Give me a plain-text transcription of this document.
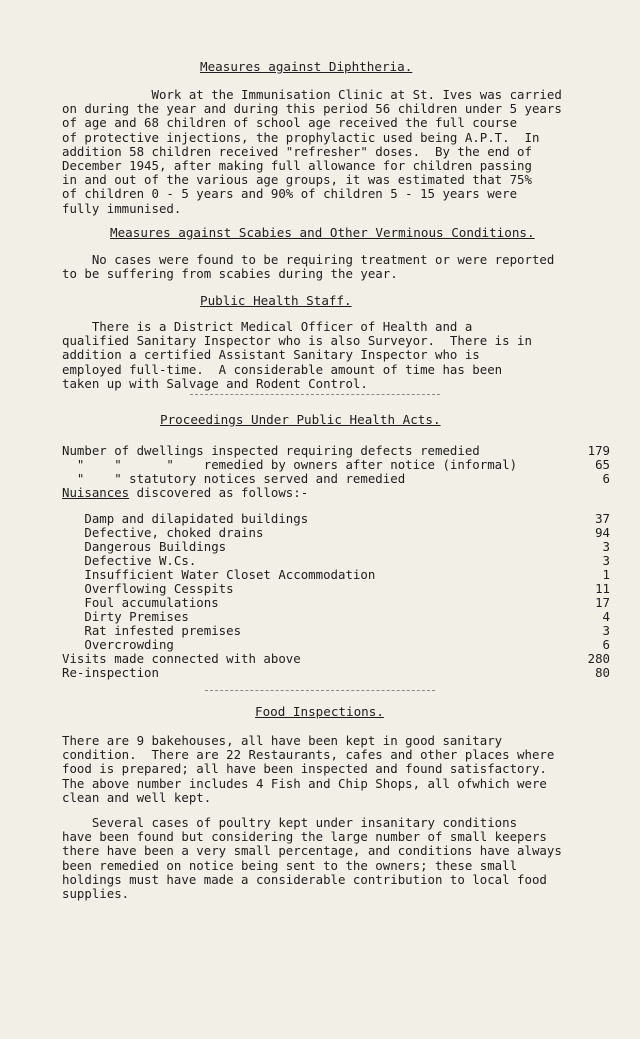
Measures against Diphtheria.
Work at the Immunisation Clinic at St. Ives was carried
on during the year and during this period 56 children under 5 years
of age and 68 children of school age received the full course
of protective injections, the prophylactic used being A.P.T.  In
addition 58 children received "refresher" doses.  By the end of
December 1945, after making full allowance for children passing
in and out of the various age groups, it was estimated that 75%
of children 0 - 5 years and 90% of children 5 - 15 years were
fully immunised.
Measures against Scabies and Other Verminous Conditions.
No cases were found to be requiring treatment or were reported
to be suffering from scabies during the year.
Public Health Staff.
There is a District Medical Officer of Health and a
qualified Sanitary Inspector who is also Surveyor.  There is in
addition a certified Assistant Sanitary Inspector who is
employed full-time.  A considerable amount of time has been
taken up with Salvage and Rodent Control.
Proceedings Under Public Health Acts.
Number of dwellings inspected requiring defects remedied	179
"    "      "    remedied by owners after notice (informal)	65
"    " statutory notices served and remedied	6
Nuisances discovered as follows:-
Damp and dilapidated buildings	37
Defective, choked drains	94
Dangerous Buildings	3
Defective W.Cs.	3
Insufficient Water Closet Accommodation	1
Overflowing Cesspits	11
Foul accumulations	17
Dirty Premises	4
Rat infested premises	3
Overcrowding	6
Visits made connected with above	280
Re-inspection	80
Food Inspections.
There are 9 bakehouses, all have been kept in good sanitary
condition.  There are 22 Restaurants, cafes and other places where
food is prepared; all have been inspected and found satisfactory.
The above number includes 4 Fish and Chip Shops, all ofwhich were
clean and well kept.
Several cases of poultry kept under insanitary conditions
have been found but considering the large number of small keepers
there have been a very small percentage, and conditions have always
been remedied on notice being sent to the owners; these small
holdings must have made a considerable contribution to local food
supplies.
